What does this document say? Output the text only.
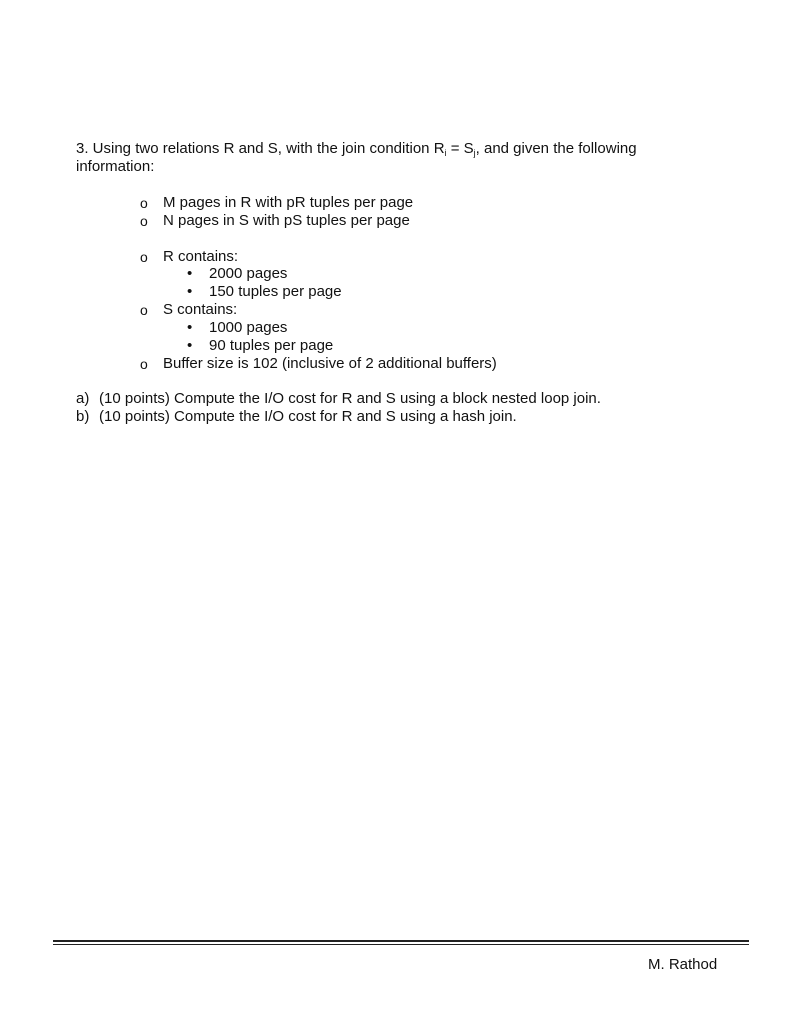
3. Using two relations R and S, with the join condition $R_i = S_j$, and given the following
information:
o M pages in R with pR tuples per page
o N pages in S with pS tuples per page
o R contains:
• 2000 pages
• 150 tuples per page
o S contains:
• 1000 pages
• 90 tuples per page
o Buffer size is 102 (inclusive of 2 additional buffers)
a) (10 points) Compute the I/O cost for R and S using a block nested loop join.
b) (10 points) Compute the I/O cost for R and S using a hash join.
M. Rathod
